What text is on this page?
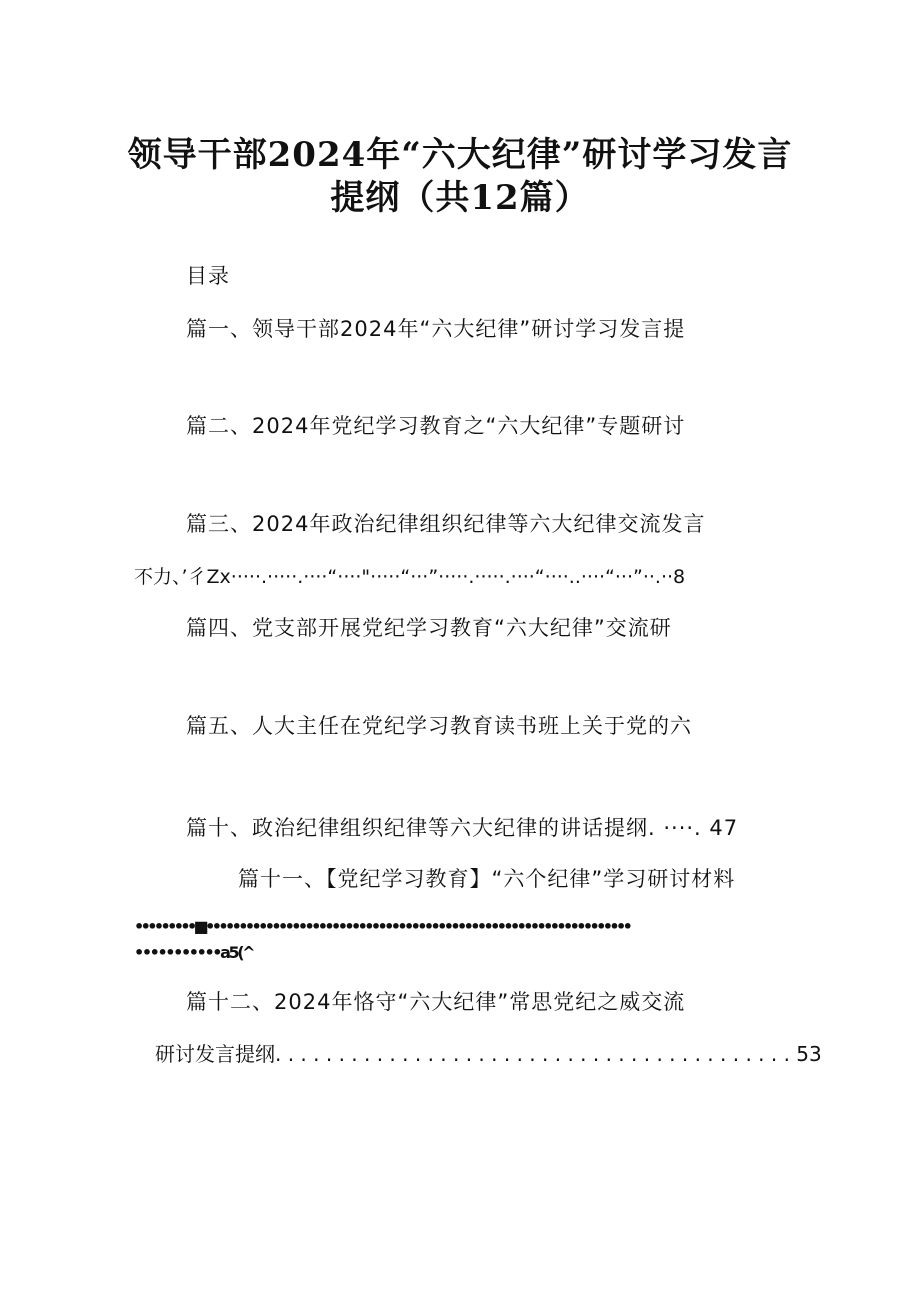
领导干部2024年“六大纪律”研讨学习发言
提纲（共12篇）
目录
篇一、领导干部2024年“六大纪律”研讨学习发言提
篇二、2024年党纪学习教育之“六大纪律”专题研讨
篇三、2024年政治纪律组织纪律等六大纪律交流发言
不力、’彳Zx·····.·····.····“····"·····“···”·····.·····.····“····..····“···”··.··8
篇四、党支部开展党纪学习教育“六大纪律”交流研
篇五、人大主任在党纪学习教育读书班上关于党的六
篇十、政治纪律组织纪律等六大纪律的讲话提纲. ····. 47
篇十一、【党纪学习教育】“六个纪律”学习研讨材料
•••••••••■••••••••••••••••••••••••••••••••••••••••••••••••••••••••••••••••
•••••••••••a5(^
篇十二、2024年恪守“六大纪律”常思党纪之威交流
研讨发言提纲. . . . . . . . . . . . . . . . . . . . . . . . . . . . . . . . . . . . . . . . . 53
